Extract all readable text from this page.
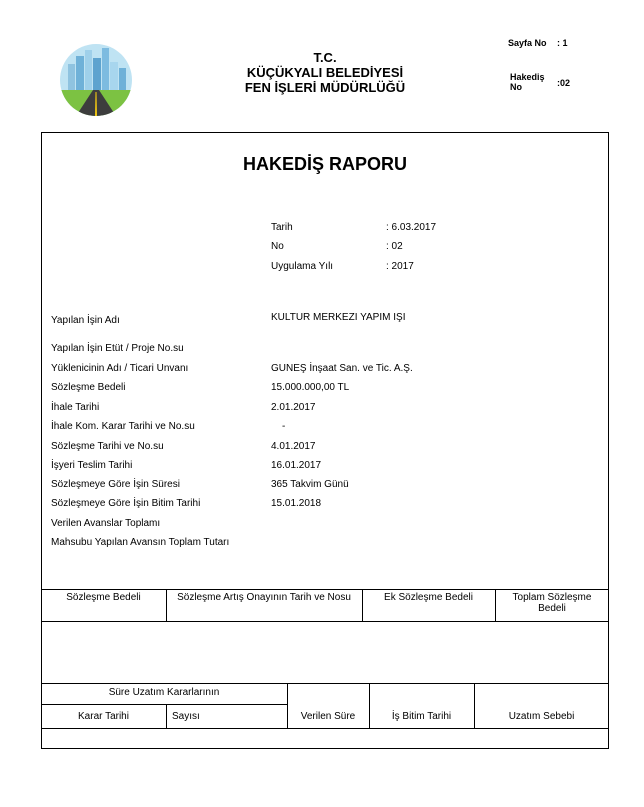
T.C.
KÜÇÜKYALI BELEDİYESİ
FEN İŞLERİ MÜDÜRLÜĞÜ
Sayfa No : 1
Hakediş
No	:02
HAKEDİŞ RAPORU
Tarih	: 6.03.2017
No	: 02
Uygulama Yılı	: 2017
Yapılan İşin Adı	KULTUR MERKEZI YAPIM IŞI
Yapılan İşin Etüt / Proje No.su
Yüklenicinin Adı / Ticari Unvanı	GUNEŞ İnşaat San. ve Tic. A.Ş.
Sözleşme Bedeli	15.000.000,00 TL
İhale Tarihi	2.01.2017
İhale Kom. Karar Tarihi ve No.su	-
Sözleşme Tarihi ve No.su	4.01.2017
İşyeri Teslim Tarihi	16.01.2017
Sözleşmeye Göre İşin Süresi	365 Takvim Günü
Sözleşmeye Göre İşin Bitim Tarihi	15.01.2018
Verilen Avanslar Toplamı
Mahsubu Yapılan Avansın Toplam Tutarı
Sözleşme Bedeli	Sözleşme Artış Onayının Tarih ve Nosu	Ek Sözleşme Bedeli	Toplam Sözleşme
Bedeli
Süre Uzatım Kararlarının
Karar Tarihi	Sayısı	Verilen Süre	İş Bitim Tarihi	Uzatım Sebebi
